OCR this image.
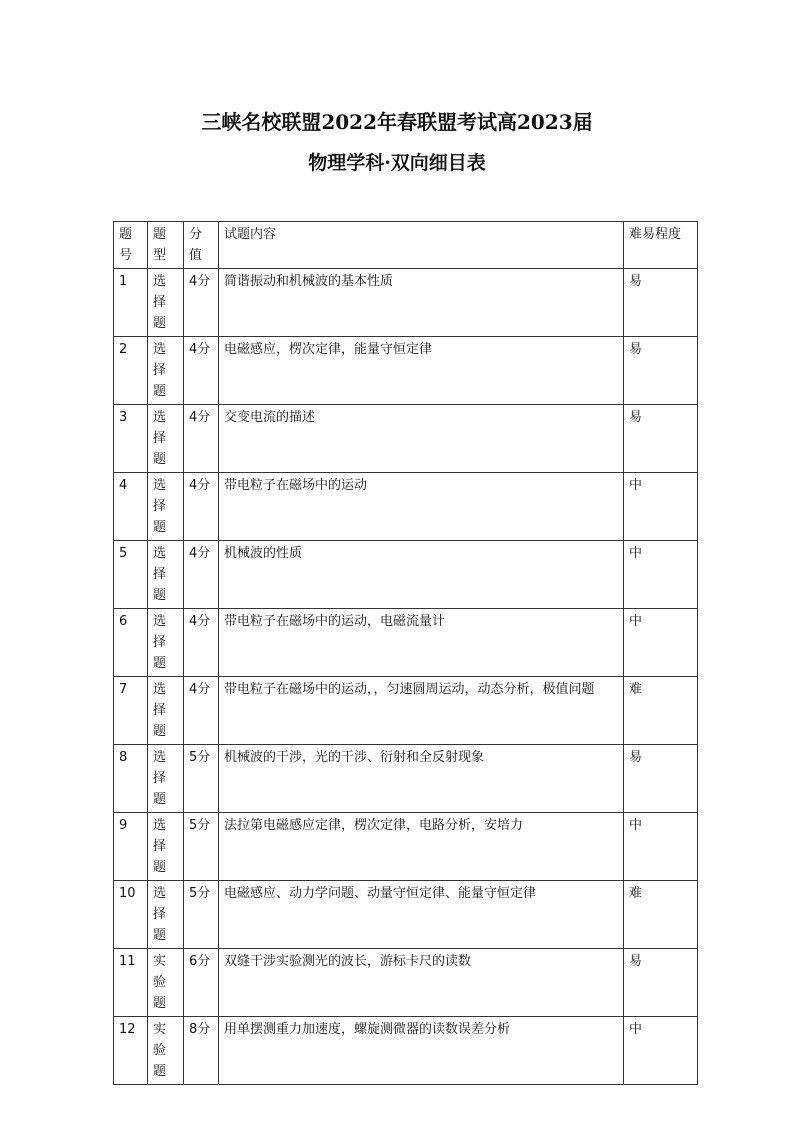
三峡名校联盟2022年春联盟考试高2023届
物理学科·双向细目表
题号	题型	分值	试题内容	难易程度
1	选择题	4分	简谐振动和机械波的基本性质	易
2	选择题	4分	电磁感应，楞次定律，能量守恒定律	易
3	选择题	4分	交变电流的描述	易
4	选择题	4分	带电粒子在磁场中的运动	中
5	选择题	4分	机械波的性质	中
6	选择题	4分	带电粒子在磁场中的运动，电磁流量计	中
7	选择题	4分	带电粒子在磁场中的运动，，匀速圆周运动，动态分析，极值问题	难
8	选择题	5分	机械波的干涉，光的干涉、衍射和全反射现象	易
9	选择题	5分	法拉第电磁感应定律，楞次定律，电路分析，安培力	中
10	选择题	5分	电磁感应、动力学问题、动量守恒定律、能量守恒定律	难
11	实验题	6分	双缝干涉实验测光的波长，游标卡尺的读数	易
12	实验题	8分	用单摆测重力加速度，螺旋测微器的读数误差分析	中
